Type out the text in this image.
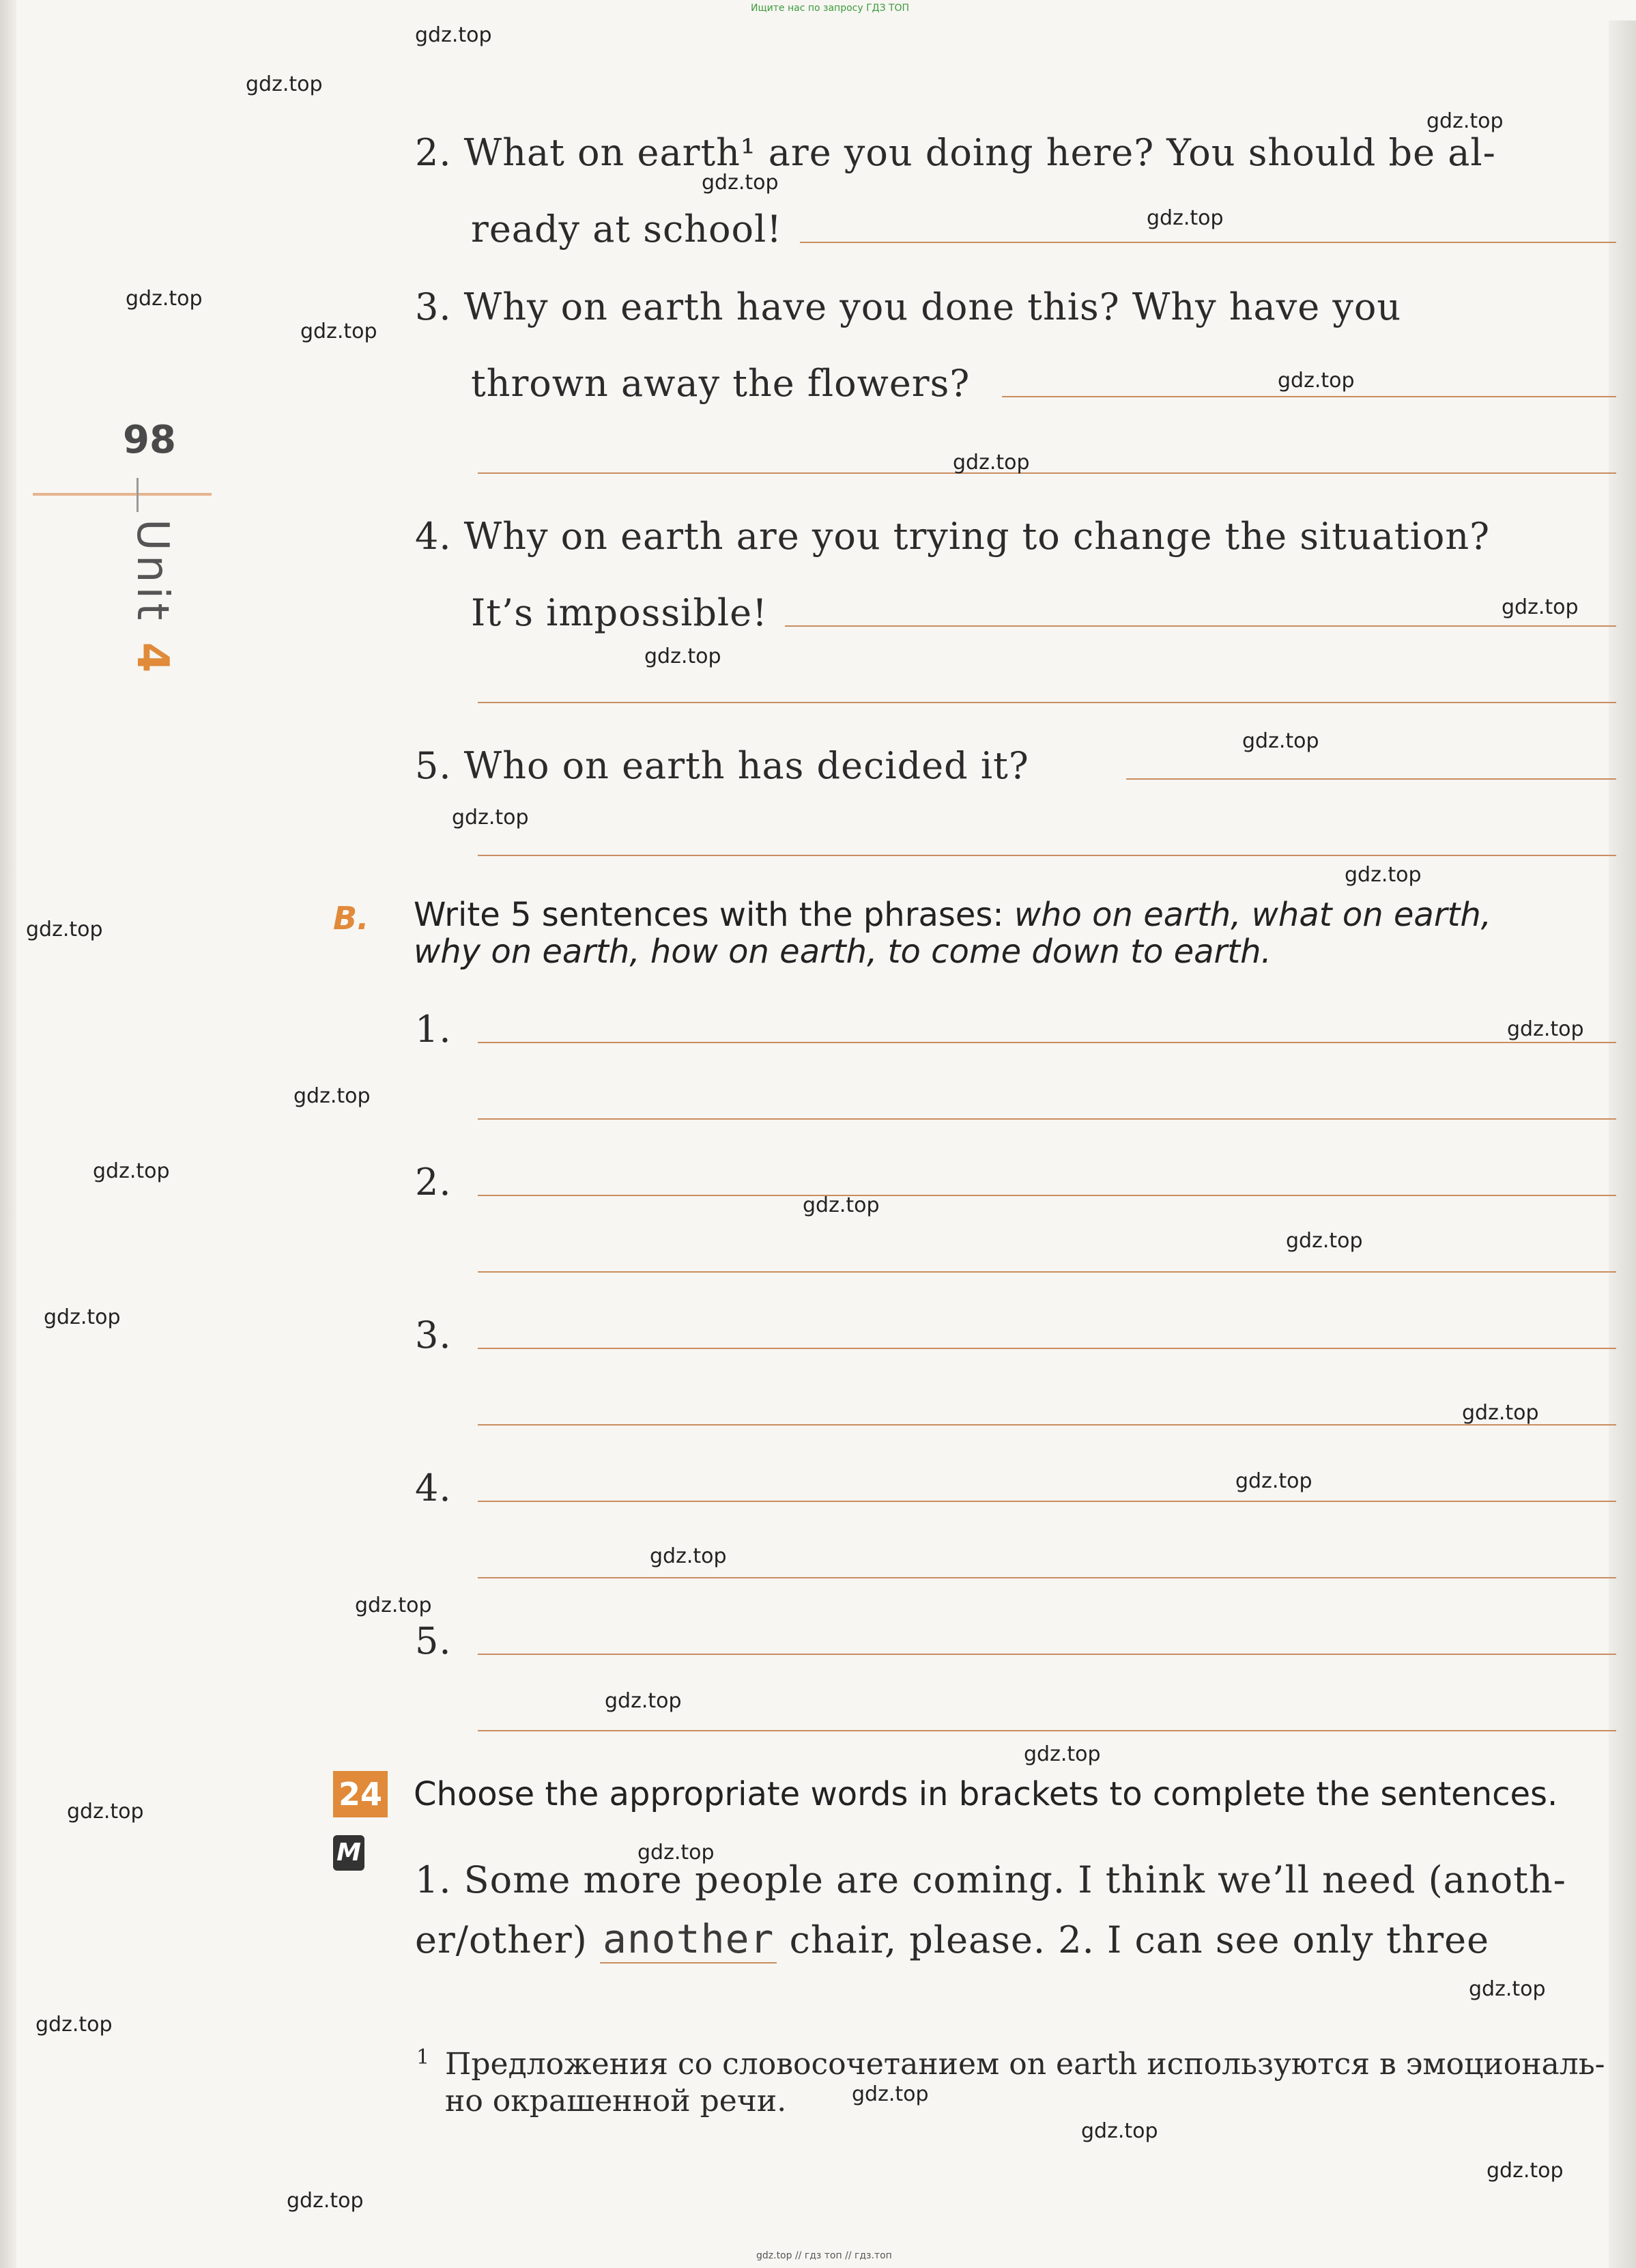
Ищите нас по запросу ГДЗ ТОП
98
Unit 4
2. What on earth¹ are you doing here? You should be al-
ready at school!
3. Why on earth have you done this? Why have you
thrown away the flowers?
4. Why on earth are you trying to change the situation?
It’s impossible!
5. Who on earth has decided it?
B. Write 5 sentences with the phrases: who on earth, what on earth,
why on earth, how on earth, to come down to earth.
1.
2.
3.
4.
5.
24 Choose the appropriate words in brackets to complete the sentences.
M
1. Some more people are coming. I think we’ll need (anoth-
er/other) another chair, please. 2. I can see only three
1 Предложения со словосочетанием on earth используются в эмоциональ-
но окрашенной речи.
gdz.top
gdz.top
gdz.top
gdz.top
gdz.top
gdz.top
gdz.top
gdz.top
gdz.top
gdz.top
gdz.top
gdz.top
gdz.top
gdz.top
gdz.top
gdz.top
gdz.top
gdz.top
gdz.top
gdz.top
gdz.top
gdz.top
gdz.top
gdz.top
gdz.top
gdz.top
gdz.top
gdz.top
gdz.top
gdz.top
gdz.top
gdz.top
gdz.top
gdz.top
gdz.top
gdz.top // гдз топ // гдз.топ
